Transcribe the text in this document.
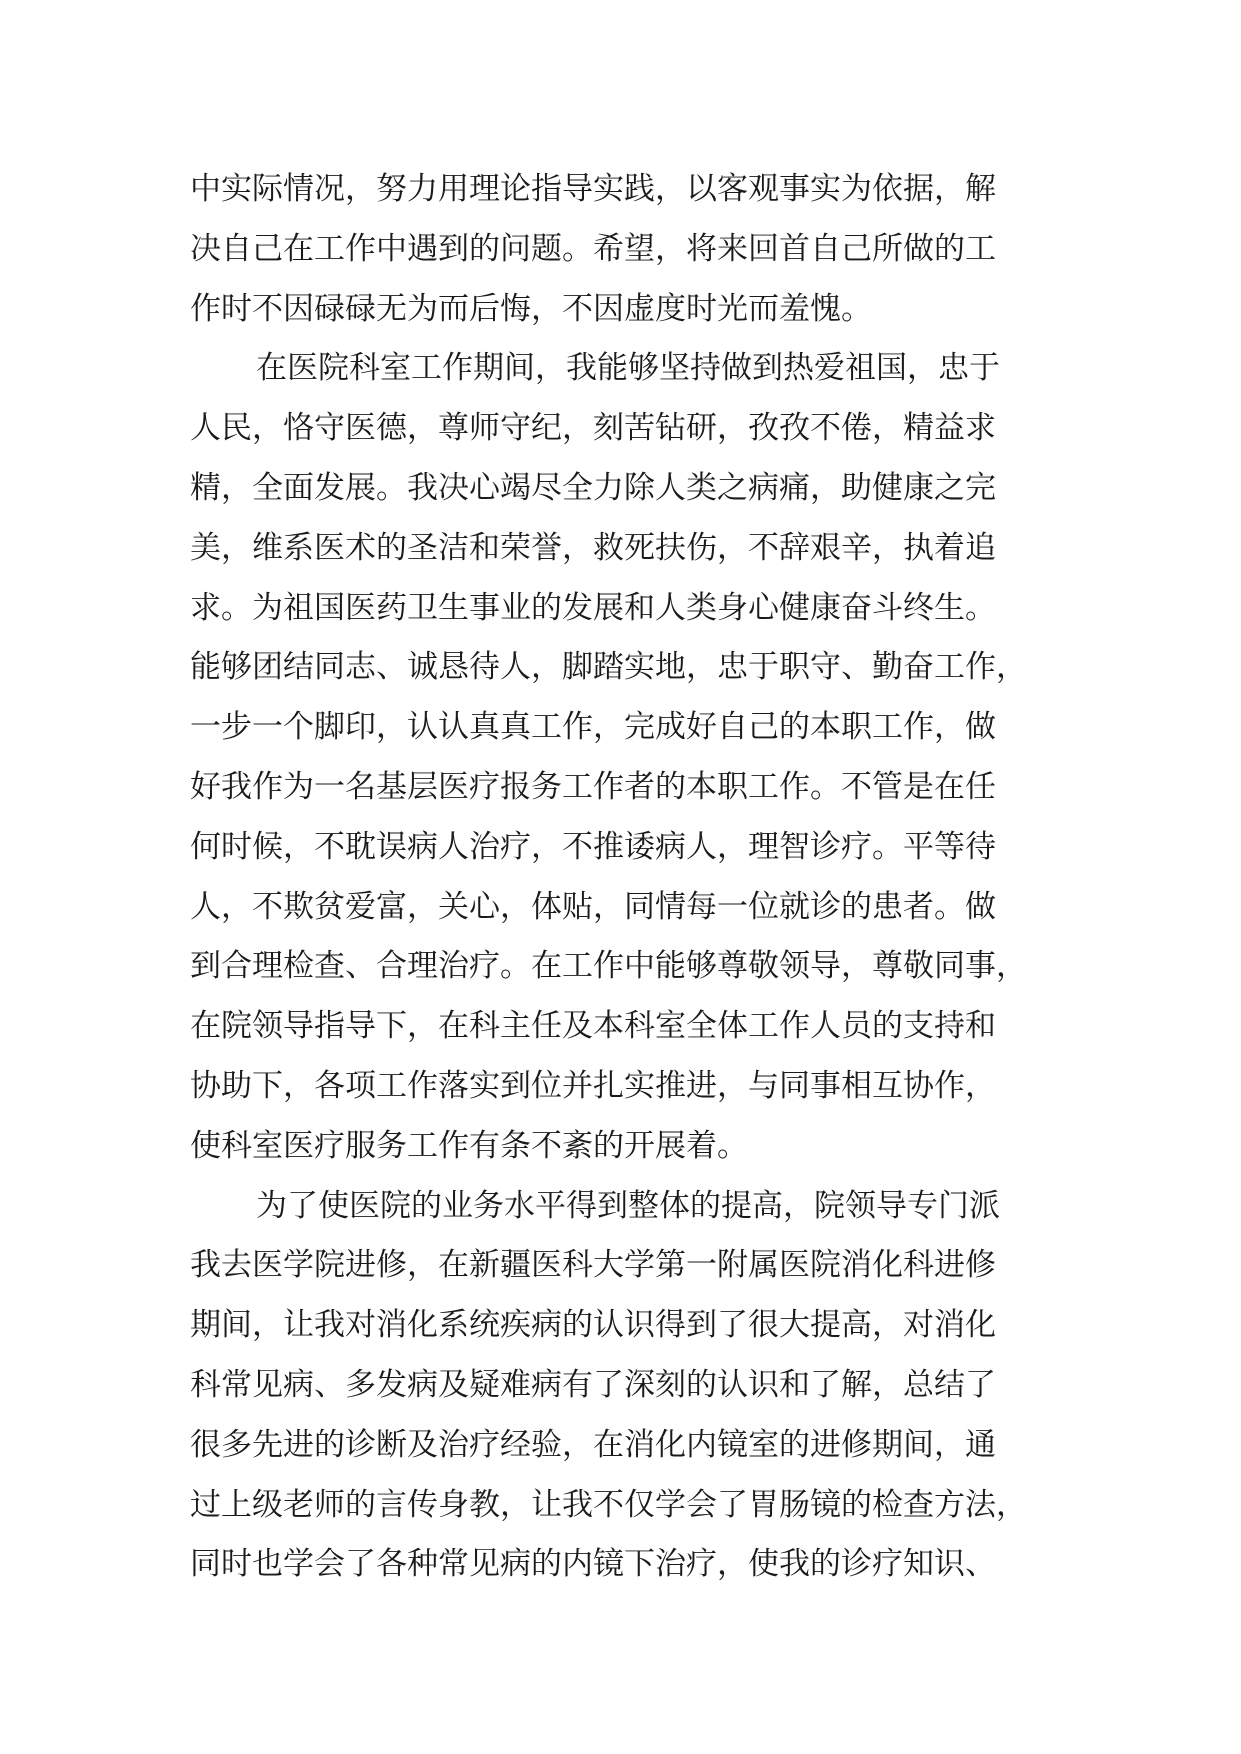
中实际情况，努力用理论指导实践，以客观事实为依据，解
决自己在工作中遇到的问题。希望，将来回首自己所做的工
作时不因碌碌无为而后悔，不因虚度时光而羞愧。
在医院科室工作期间，我能够坚持做到热爱祖国，忠于
人民，恪守医德，尊师守纪，刻苦钻研，孜孜不倦，精益求
精，全面发展。我决心竭尽全力除人类之病痛，助健康之完
美，维系医术的圣洁和荣誉，救死扶伤，不辞艰辛，执着追
求。为祖国医药卫生事业的发展和人类身心健康奋斗终生。
能够团结同志、诚恳待人，脚踏实地，忠于职守、勤奋工作，
一步一个脚印，认认真真工作，完成好自己的本职工作，做
好我作为一名基层医疗报务工作者的本职工作。不管是在任
何时候，不耽误病人治疗，不推诿病人，理智诊疗。平等待
人，不欺贫爱富，关心，体贴，同情每一位就诊的患者。做
到合理检查、合理治疗。在工作中能够尊敬领导，尊敬同事，
在院领导指导下，在科主任及本科室全体工作人员的支持和
协助下，各项工作落实到位并扎实推进，与同事相互协作，
使科室医疗服务工作有条不紊的开展着。
为了使医院的业务水平得到整体的提高，院领导专门派
我去医学院进修，在新疆医科大学第一附属医院消化科进修
期间，让我对消化系统疾病的认识得到了很大提高，对消化
科常见病、多发病及疑难病有了深刻的认识和了解，总结了
很多先进的诊断及治疗经验，在消化内镜室的进修期间，通
过上级老师的言传身教，让我不仅学会了胃肠镜的检查方法，
同时也学会了各种常见病的内镜下治疗，使我的诊疗知识、
